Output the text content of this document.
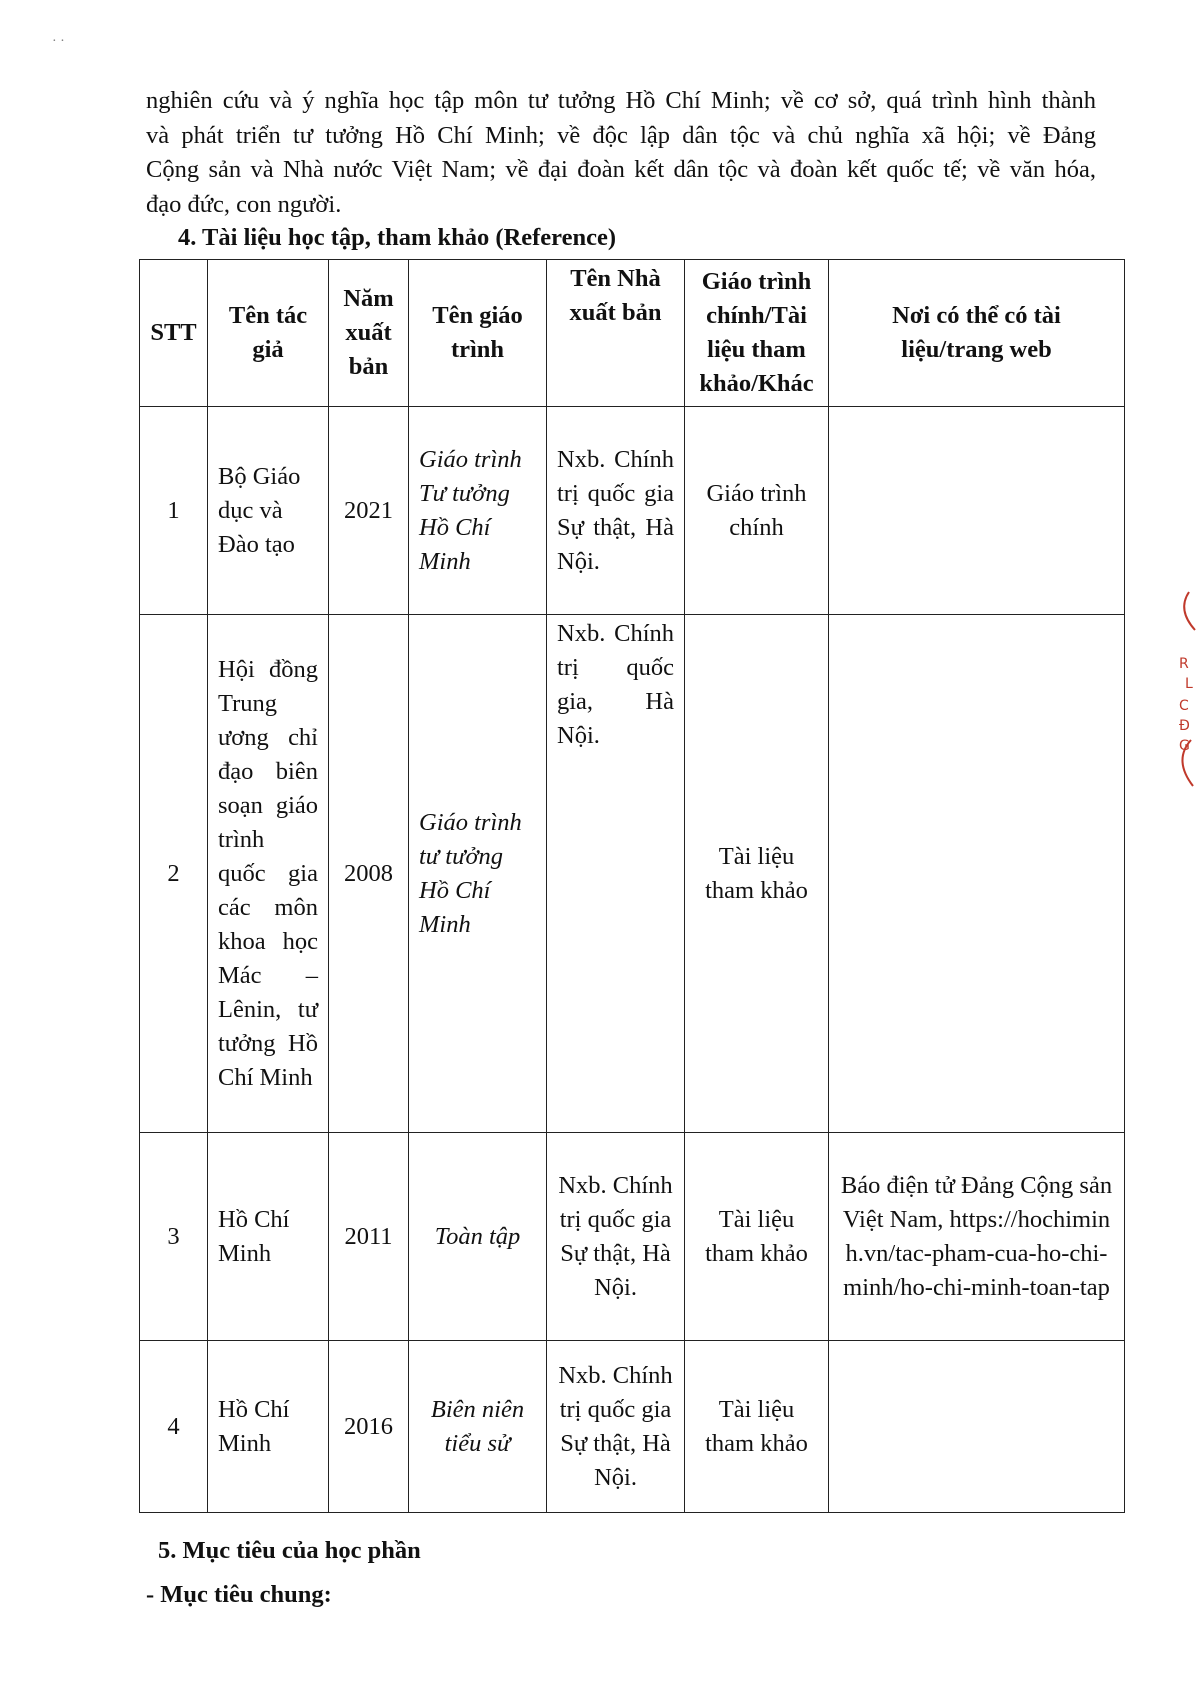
· ·
nghiên cứu và ý nghĩa học tập môn tư tưởng Hồ Chí Minh; về cơ sở, quá trình hình thành
và phát triển tư tưởng Hồ Chí Minh; về độc lập dân tộc và chủ nghĩa xã hội; về Đảng
Cộng sản và Nhà nước Việt Nam; về đại đoàn kết dân tộc và đoàn kết quốc tế; về văn hóa,
đạo đức, con người.
4. Tài liệu học tập, tham khảo (Reference)
STT	Tên tác giả	Năm xuất bản	Tên giáo trình	Tên Nhà xuất bản	Giáo trình chính/Tài liệu tham khảo/Khác	Nơi có thể có tài liệu/trang web
1	Bộ Giáo dục và Đào tạo	2021	Giáo trình Tư tưởng Hồ Chí Minh	Nxb. Chính trị quốc gia Sự thật, Hà Nội.	Giáo trình chính	
2	Hội đồng Trung ương chỉ đạo biên soạn giáo trình quốc gia các môn khoa học Mác – Lênin, tư tưởng Hồ Chí Minh	2008	Giáo trình tư tưởng Hồ Chí Minh	Nxb. Chính trị quốc gia, Hà Nội.	Tài liệu tham khảo	
3	Hồ Chí Minh	2011	Toàn tập	Nxb. Chính trị quốc gia Sự thật, Hà Nội.	Tài liệu tham khảo	Báo điện tử Đảng Cộng sản Việt Nam, https://hochiminh.vn/tac-pham-cua-ho-chi-minh/ho-chi-minh-toan-tap
4	Hồ Chí Minh	2016	Biên niên tiểu sử	Nxb. Chính trị quốc gia Sự thật, Hà Nội.	Tài liệu tham khảo	
5. Mục tiêu của học phần
- Mục tiêu chung:
R
L
C
Đ
G
